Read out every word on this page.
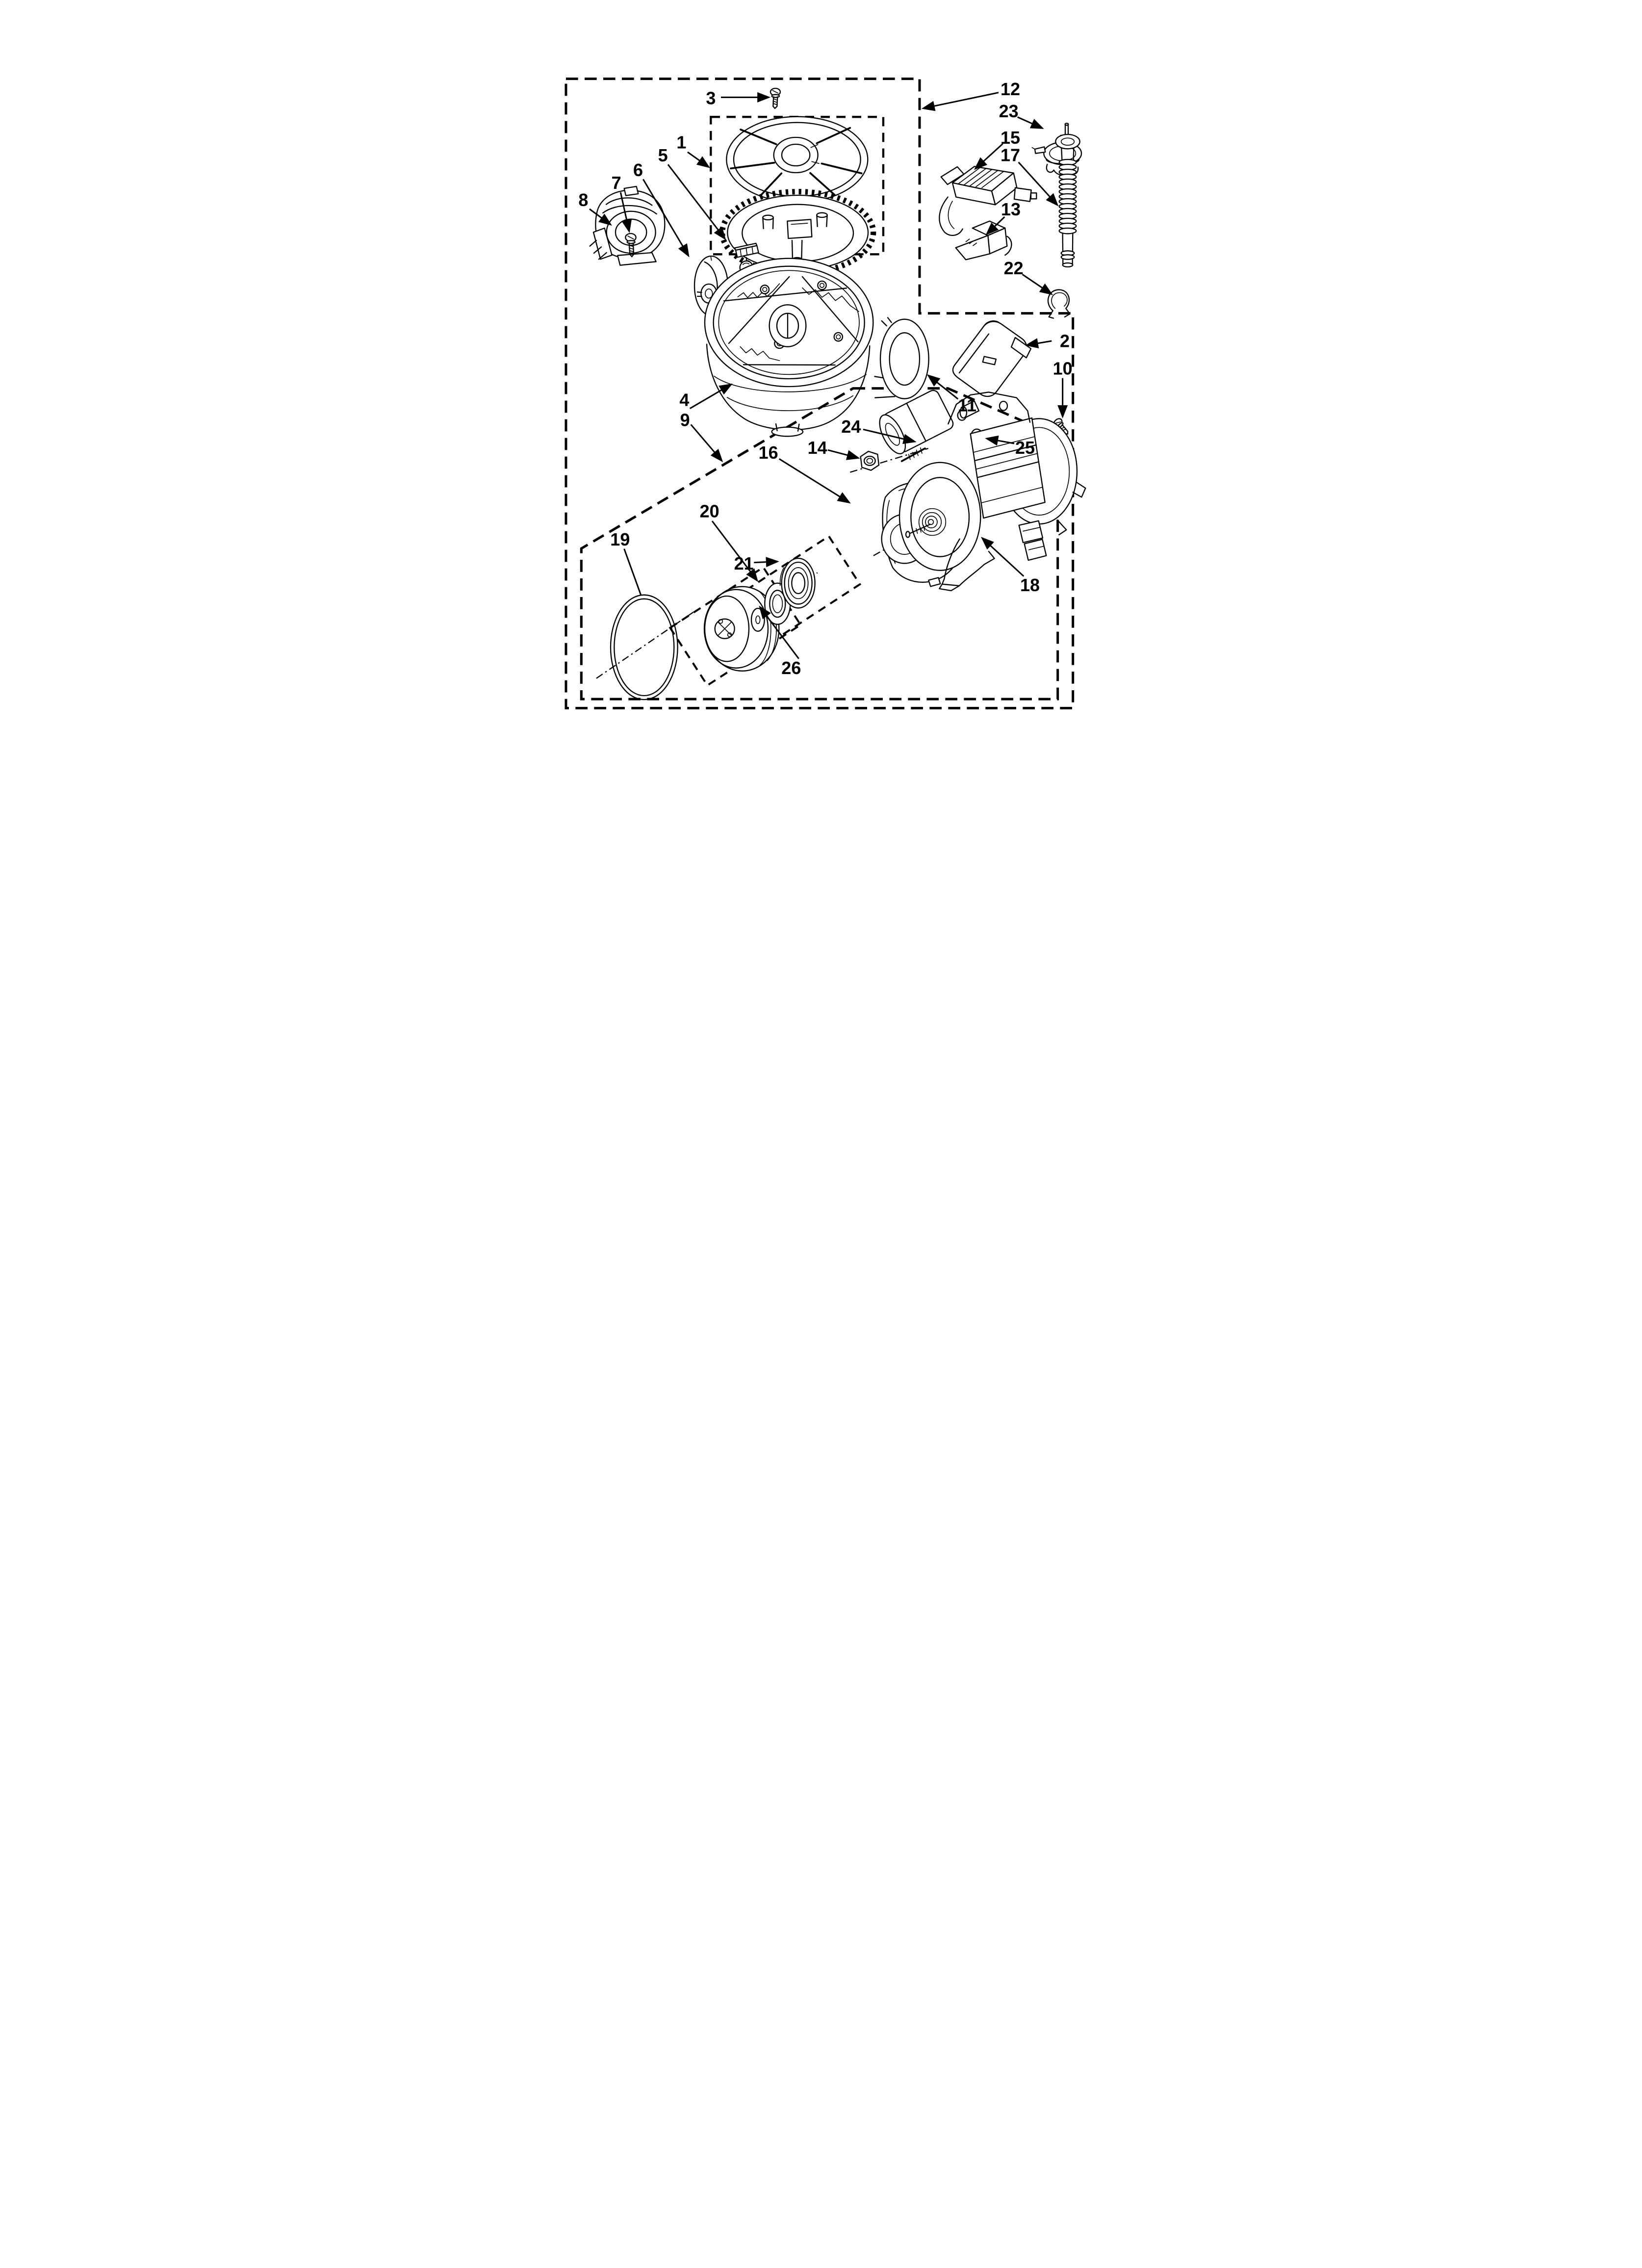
1
2
3
4
5
6
7
8
9
10
11
12
13
14
15
16
17
18
19
20
21
22
23
24
25
26
